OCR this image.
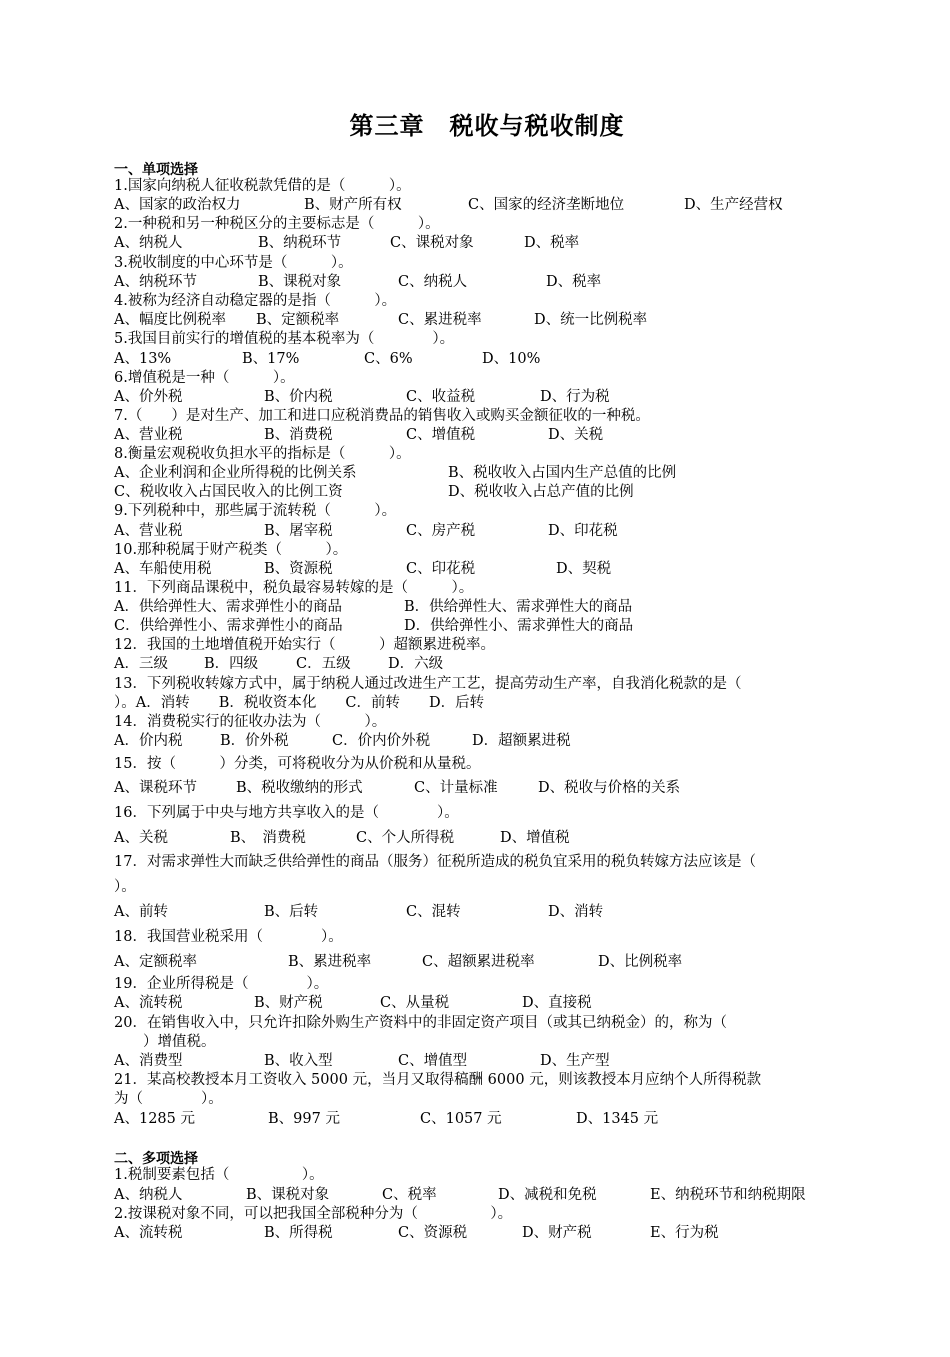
第三章　税收与税收制度
一、单项选择
1.国家向纳税人征收税款凭借的是（　　　）。

A、国家的政治权力

	B、财产所有权

	C、国家的经济垄断地位

	D、生产经营权

2.一种税和另一种税区分的主要标志是（　　　）。

A、纳税人

	B、纳税环节

	C、课税对象

	D、税率

3.税收制度的中心环节是（　　　）。

A、纳税环节

	B、课税对象

	C、纳税人

	D、税率

4.被称为经济自动稳定器的是指（　　　）。

A、幅度比例税率

B、定额税率

	C、累进税率

	D、统一比例税率

5.我国目前实行的增值税的基本税率为（　　　　）。

A、13%

	B、17%

	C、6%

	D、10%

6.增值税是一种（　　　）。

A、价外税

	B、价内税

	C、收益税

	D、行为税

7.（　　）是对生产、加工和进口应税消费品的销售收入或购买金额征收的一种税。

A、营业税

	B、消费税

	C、增值税

	D、关税

8.衡量宏观税收负担水平的指标是（　　　）。

A、企业利润和企业所得税的比例关系

	B、税收收入占国内生产总值的比例

C、税收收入占国民收入的比例工资

	D、税收收入占总产值的比例

9.下列税种中，那些属于流转税（　　　）。

A、营业税

	B、屠宰税

	C、房产税

	D、印花税

10.那种税属于财产税类（　　　）。

A、车船使用税

	B、资源税

	C、印花税

	D、契税

11．下列商品课税中，税负最容易转嫁的是（　　　）。

A．供给弹性大、需求弹性小的商品

	B．供给弹性大、需求弹性大的商品

C．供给弹性小、需求弹性小的商品

	D．供给弹性小、需求弹性大的商品

12．我国的土地增值税开始实行（　　　）超额累进税率。

A．三级

B．四级

	C．五级

	D．六级

13．下列税收转嫁方式中，属于纳税人通过改进生产工艺，提高劳动生产率，自我消化税款的是（
）。A．消转　　B．税收资本化　　C．前转　　D．后转
14．消费税实行的征收办法为（　　　）。

A．价内税

	B．价外税

	C．价内价外税

	D．超额累进税

15．按（　　　）分类，可将税收分为从价税和从量税。

A、课税环节

	B、税收缴纳的形式

	C、计量标准

	D、税收与价格的关系

16．下列属于中央与地方共享收入的是（　　　　）。

A、关税

	B、　消费税

	C、个人所得税

	D、增值税

17．对需求弹性大而缺乏供给弹性的商品（服务）征税所造成的税负宜采用的税负转嫁方法应该是（
）。

A、前转

	B、后转

	C、混转

	D、消转

18．我国营业税采用（　　　　）。

A、定额税率

	B、累进税率

	C、超额累进税率

	D、比例税率

19．企业所得税是（　　　　）。

A、流转税

	B、财产税

	C、从量税

	D、直接税

20．在销售收入中，只允许扣除外购生产资料中的非固定资产项目（或其已纳税金）的，称为（
　　）增值税。

A、消费型

	B、收入型

	C、增值型

	D、生产型

21．某高校教授本月工资收入 5000 元，当月又取得稿酬 6000 元，则该教授本月应纳个人所得税款
为（　　　　）。

A、1285 元

	B、997 元

	C、1057 元

	D、1345 元

二、多项选择
1.税制要素包括（　　　　　）。

A、纳税人

	B、课税对象

	C、税率

	D、减税和免税

	E、纳税环节和纳税期限

2.按课税对象不同，可以把我国全部税种分为（　　　　　）。

A、流转税

	B、所得税

	C、资源税

	D、财产税

	E、行为税
